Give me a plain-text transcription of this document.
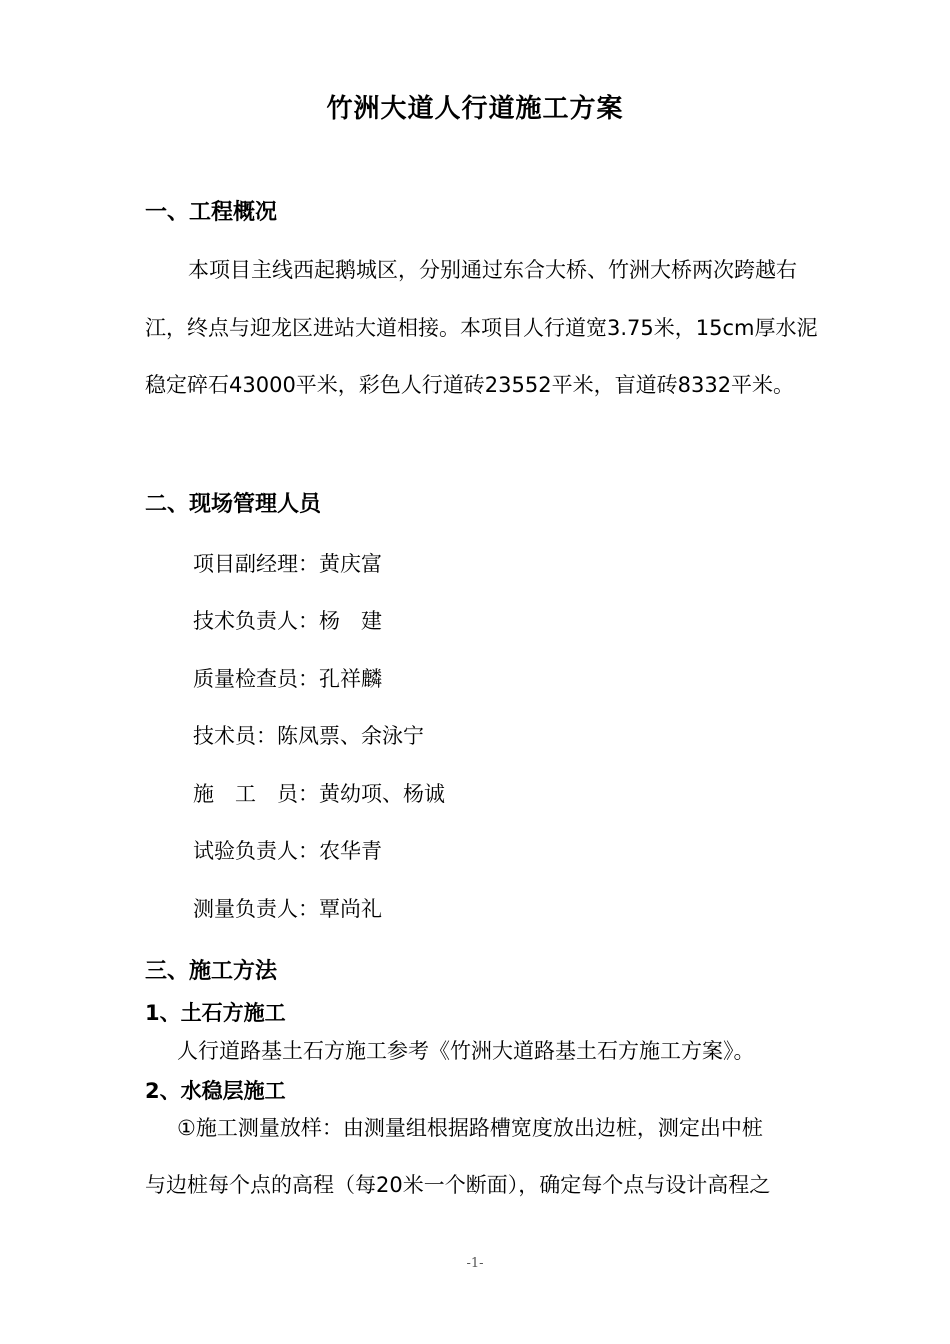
竹洲大道人行道施工方案
一、工程概况

本项目主线西起鹅城区，分别通过东合大桥、竹洲大桥两次跨越右江，终点与迎龙区进站大道相接。本项目人行道宽3.75米，15cm厚水泥稳定碎石43000平米，彩色人行道砖23552平米，盲道砖8332平米。

二、现场管理人员
项目副经理：黄庆富
技术负责人：杨　建
质量检查员：孔祥麟
技术员：陈凤票、余泳宁
施　工　员：黄幼项、杨诚
试验负责人：农华青
测量负责人：覃尚礼
三、施工方法
1、土石方施工
人行道路基土石方施工参考《竹洲大道路基土石方施工方案》。
2、水稳层施工
①施工测量放样：由测量组根据路槽宽度放出边桩，测定出中桩
与边桩每个点的高程（每20米一个断面），确定每个点与设计高程之
-1-
